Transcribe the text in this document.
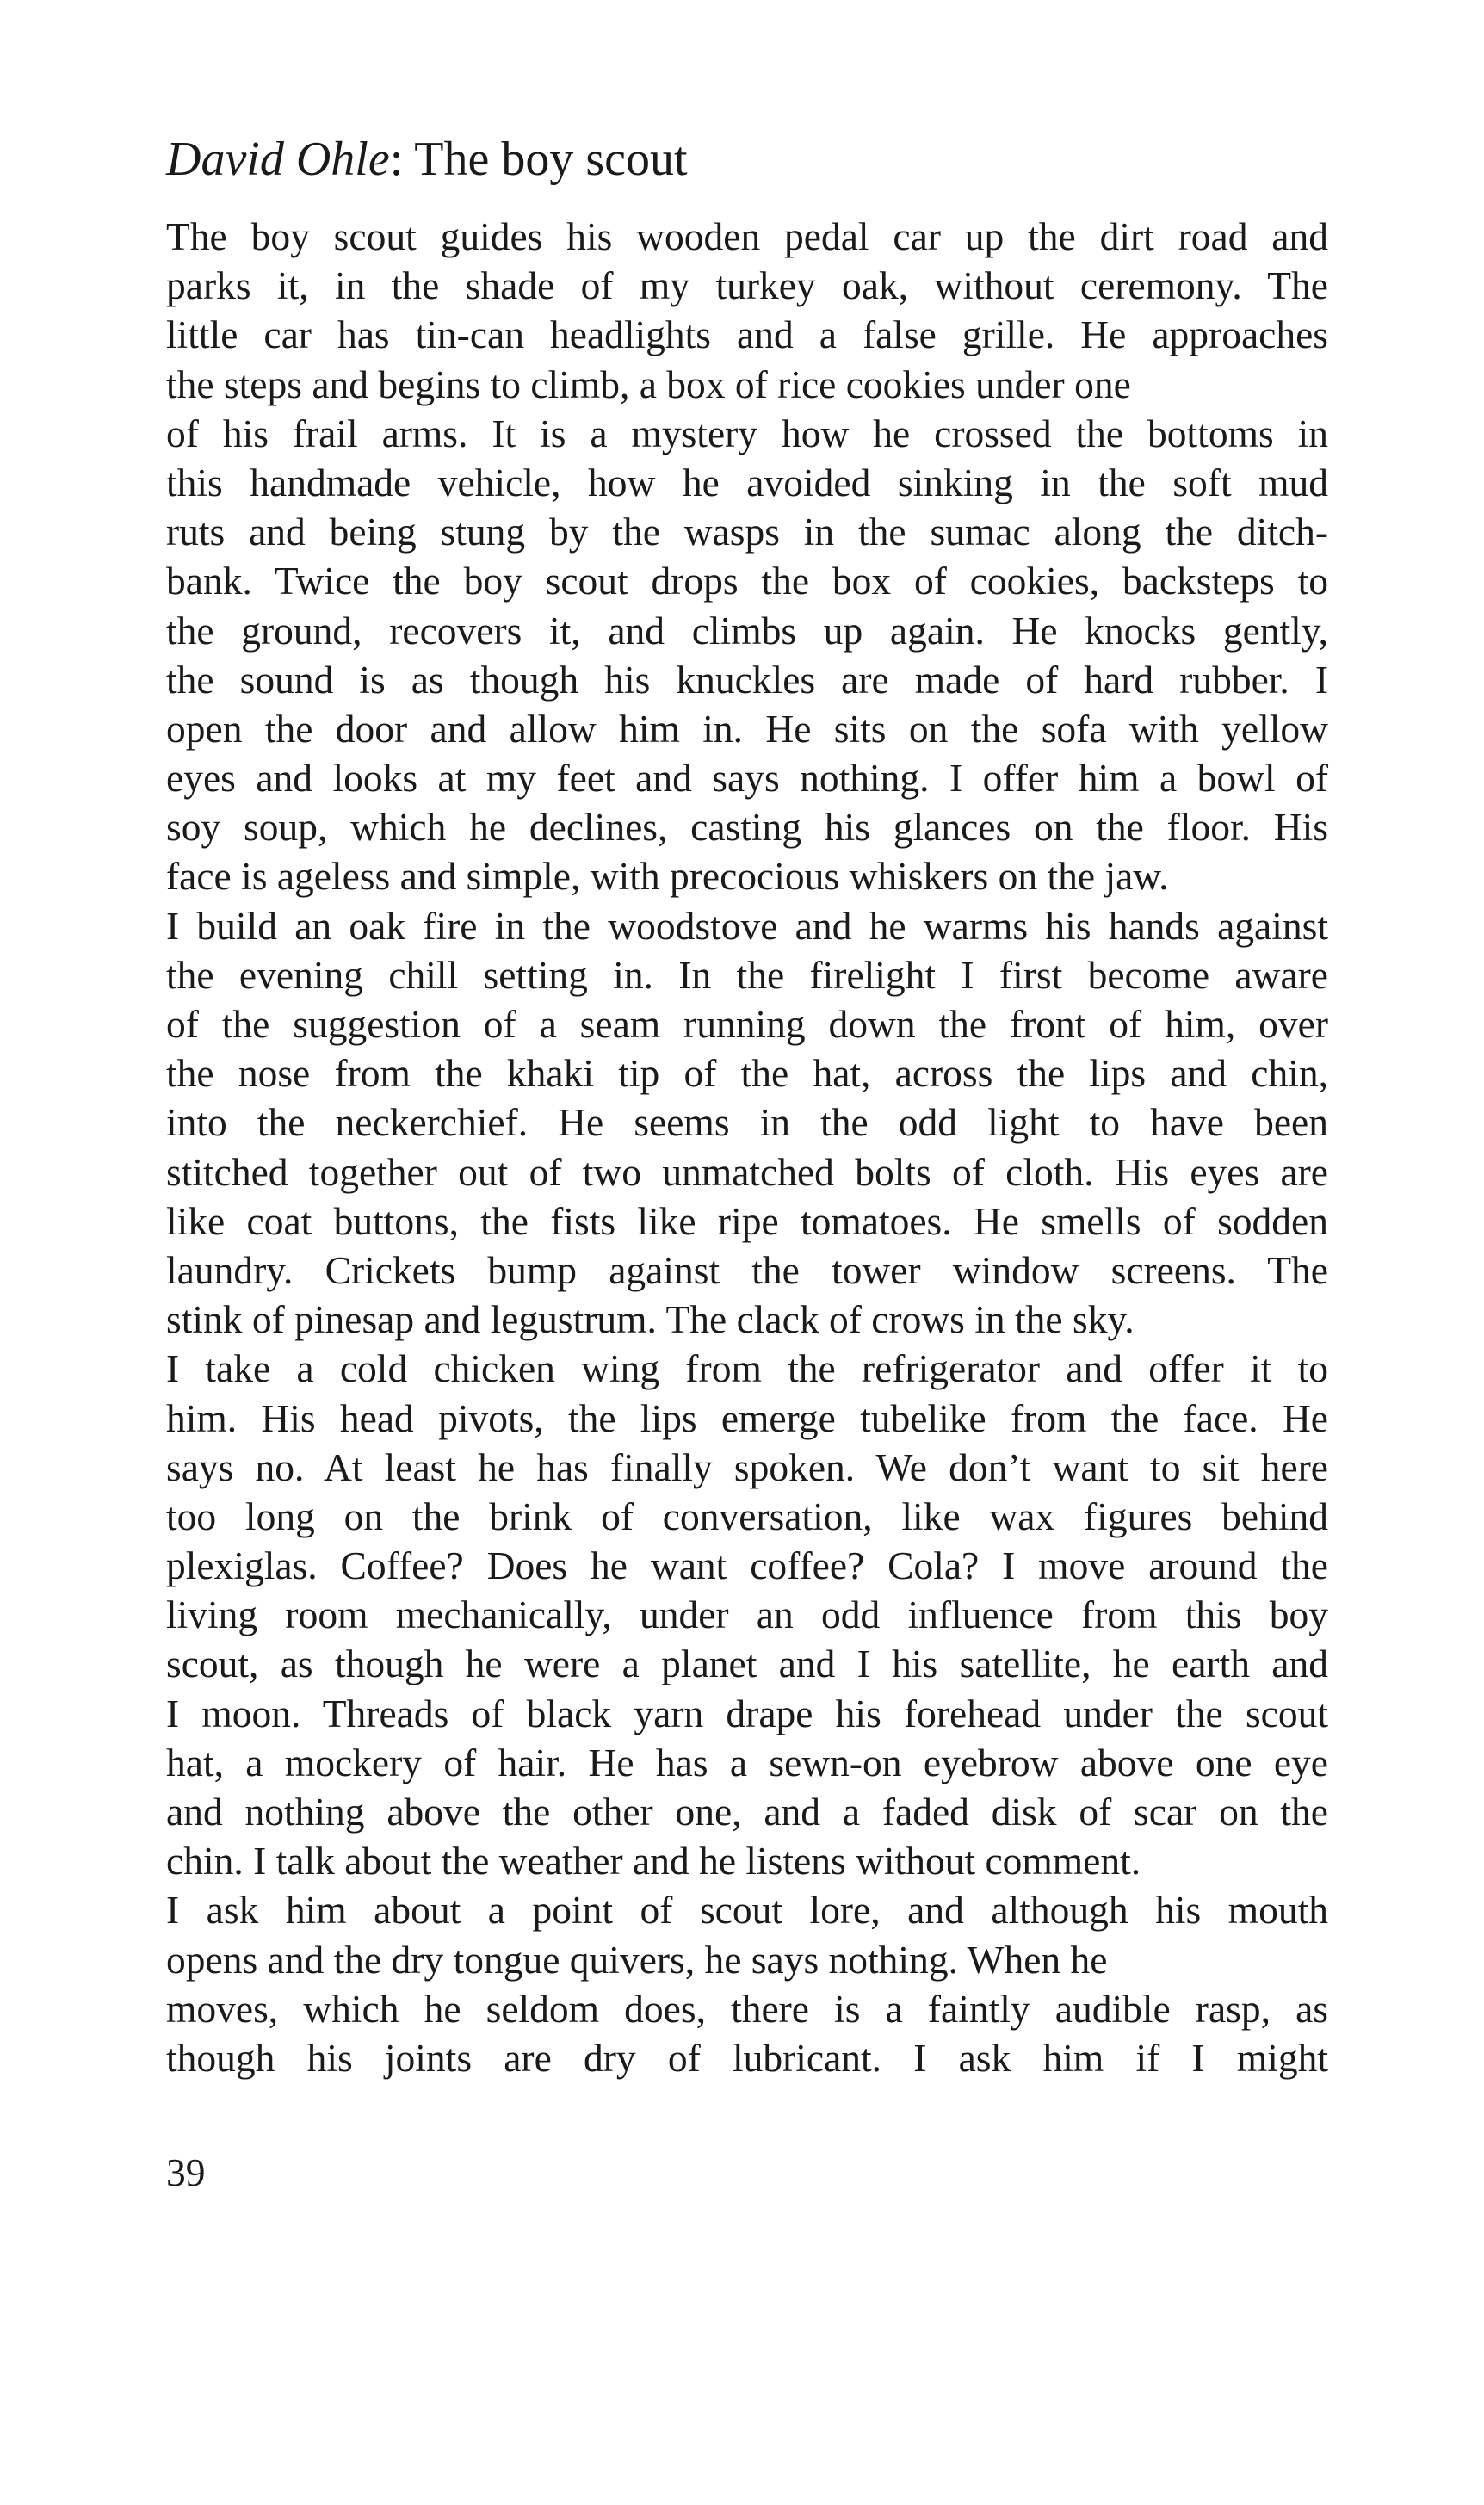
David Ohle: The boy scout
The boy scout guides his wooden pedal car up the dirt road and
parks it, in the shade of my turkey oak, without ceremony. The
little car has tin-can headlights and a false grille. He approaches
the steps and begins to climb, a box of rice cookies under one
of his frail arms. It is a mystery how he crossed the bottoms in
this handmade vehicle, how he avoided sinking in the soft mud
ruts and being stung by the wasps in the sumac along the ditch-
bank. Twice the boy scout drops the box of cookies, backsteps to
the ground, recovers it, and climbs up again. He knocks gently,
the sound is as though his knuckles are made of hard rubber. I
open the door and allow him in. He sits on the sofa with yellow
eyes and looks at my feet and says nothing. I offer him a bowl of
soy soup, which he declines, casting his glances on the floor. His
face is ageless and simple, with precocious whiskers on the jaw.
I build an oak fire in the woodstove and he warms his hands against
the evening chill setting in. In the firelight I first become aware
of the suggestion of a seam running down the front of him, over
the nose from the khaki tip of the hat, across the lips and chin,
into the neckerchief. He seems in the odd light to have been
stitched together out of two unmatched bolts of cloth. His eyes are
like coat buttons, the fists like ripe tomatoes. He smells of sodden
laundry. Crickets bump against the tower window screens. The
stink of pinesap and legustrum. The clack of crows in the sky.
I take a cold chicken wing from the refrigerator and offer it to
him. His head pivots, the lips emerge tubelike from the face. He
says no. At least he has finally spoken. We don’t want to sit here
too long on the brink of conversation, like wax figures behind
plexiglas. Coffee? Does he want coffee? Cola? I move around the
living room mechanically, under an odd influence from this boy
scout, as though he were a planet and I his satellite, he earth and
I moon. Threads of black yarn drape his forehead under the scout
hat, a mockery of hair. He has a sewn-on eyebrow above one eye
and nothing above the other one, and a faded disk of scar on the
chin. I talk about the weather and he listens without comment.
I ask him about a point of scout lore, and although his mouth
opens and the dry tongue quivers, he says nothing. When he
moves, which he seldom does, there is a faintly audible rasp, as
though his joints are dry of lubricant. I ask him if I might
39
